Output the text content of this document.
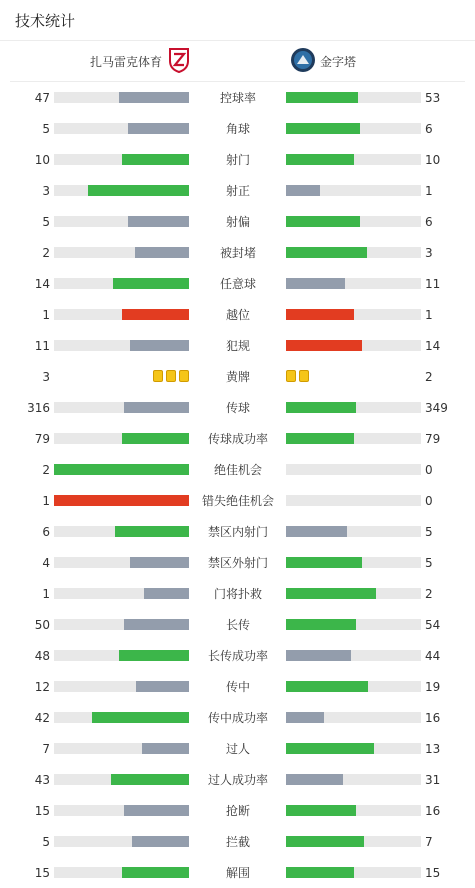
技术统计
扎马雷克体育	金字塔
47	控球率	53
5	角球	6
10	射门	10
3	射正	1
5	射偏	6
2	被封堵	3
14	任意球	11
1	越位	1
11	犯规	14
3	黄牌	2
316	传球	349
79	传球成功率	79
2	绝佳机会	0
1	错失绝佳机会	0
6	禁区内射门	5
4	禁区外射门	5
1	门将扑救	2
50	长传	54
48	长传成功率	44
12	传中	19
42	传中成功率	16
7	过人	13
43	过人成功率	31
15	抢断	16
5	拦截	7
15	解围	15
